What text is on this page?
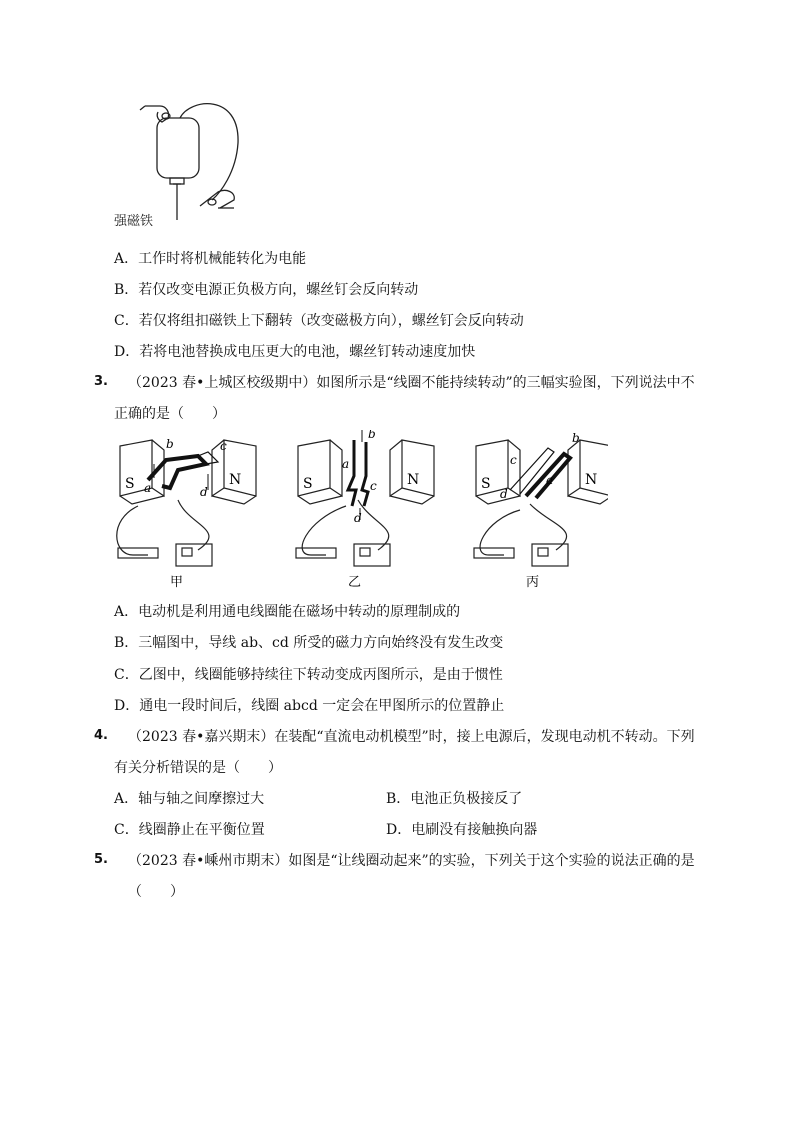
强磁铁
A．工作时将机械能转化为电能
B．若仅改变电源正负极方向，螺丝钉会反向转动
C．若仅将组扣磁铁上下翻转（改变磁极方向），螺丝钉会反向转动
D．若将电池替换成电压更大的电池，螺丝钉转动速度加快
3. （2023 春•上城区校级期中）如图所示是“线圈不能持续转动”的三幅实验图，下列说法中不
正确的是（　　）
S	N
a
b	c
d
甲
S	N
a
b
c
d
乙
S	N
a
b
c
d
丙
A．电动机是利用通电线圈能在磁场中转动的原理制成的
B．三幅图中，导线 ab、cd 所受的磁力方向始终没有发生改变
C．乙图中，线圈能够持续往下转动变成丙图所示，是由于惯性
D．通电一段时间后，线圈 abcd 一定会在甲图所示的位置静止
4. （2023 春•嘉兴期末）在装配“直流电动机模型”时，接上电源后，发现电动机不转动。下列
有关分析错误的是（　　）
A．轴与轴之间摩擦过大	B．电池正负极接反了
C．线圈静止在平衡位置	D．电刷没有接触换向器
5. （2023 春•嵊州市期末）如图是“让线圈动起来”的实验，下列关于这个实验的说法正确的是
（　　）
